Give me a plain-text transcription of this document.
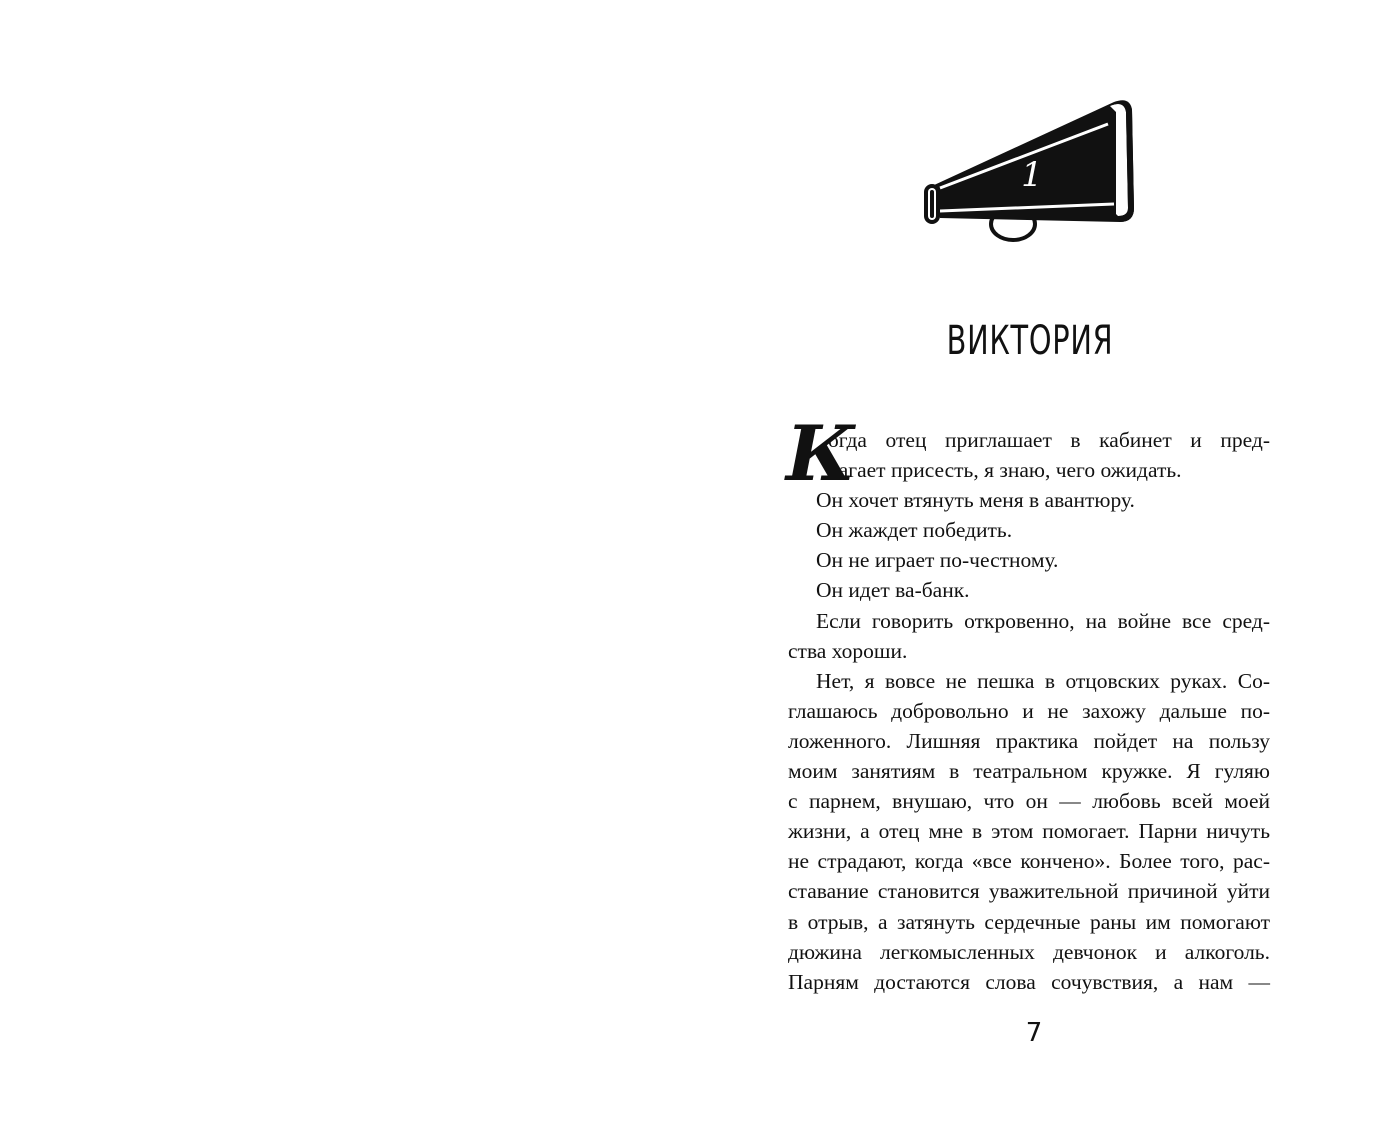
1
ВИКТОРИЯ
К
огда отец приглашает в кабинет и пред-
лагает присесть, я знаю, чего ожидать.
Он хочет втянуть меня в авантюру.
Он жаждет победить.
Он не играет по-честному.
Он идет ва-банк.
Если говорить откровенно, на войне все сред-
ства хороши.
Нет, я вовсе не пешка в отцовских руках. Со-
глашаюсь добровольно и не захожу дальше по-
ложенного. Лишняя практика пойдет на пользу
моим занятиям в театральном кружке. Я гуляю
с парнем, внушаю, что он — любовь всей моей
жизни, а отец мне в этом помогает. Парни ничуть
не страдают, когда «все кончено». Более того, рас-
ставание становится уважительной причиной уйти
в отрыв, а затянуть сердечные раны им помогают
дюжина легкомысленных девчонок и алкоголь.
Парням достаются слова сочувствия, а нам —
7
